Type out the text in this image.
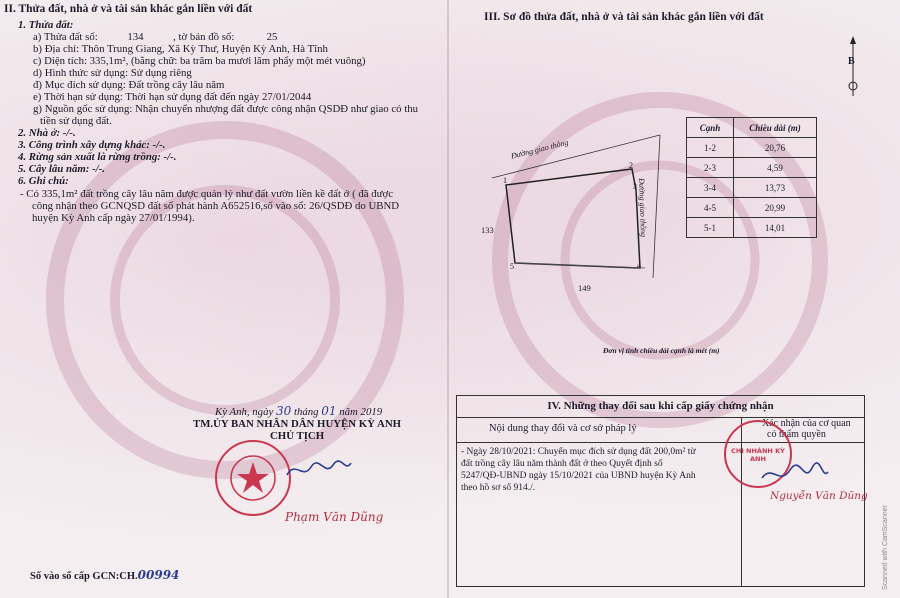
II. Thửa đất, nhà ở và tài sản khác gắn liền với đất
1. Thửa đất:
a) Thửa đất số:	134	, tờ bản đồ số:	25
b) Địa chỉ: Thôn Trung Giang, Xã Kỳ Thư, Huyện Kỳ Anh, Hà Tĩnh
c) Diện tích: 335,1m², (bằng chữ: ba trăm ba mươi lăm phẩy một mét vuông)
d) Hình thức sử dụng: Sử dụng riêng
đ) Mục đích sử dụng: Đất trồng cây lâu năm
e) Thời hạn sử dụng: Thời hạn sử dụng đất đến ngày 27/01/2044
g) Nguồn gốc sử dụng: Nhận chuyển nhượng đất được công nhận QSDĐ như giao có thu
tiền sử dụng đất.
2. Nhà ở: -/-.
3. Công trình xây dựng khác: -/-.
4. Rừng sản xuất là rừng trồng: -/-.
5. Cây lâu năm: -/-.
6. Ghi chú:
- Có 335,1m² đất trồng cây lâu năm được quản lý như đất vườn liền kề đất ở ( đã được
công nhận theo GCNQSD đất số phát hành A652516,số vào sổ: 26/QSDĐ do UBND
huyện Kỳ Anh cấp ngày 27/01/1994).
Kỳ Anh, ngày 30 tháng 01 năm 2019
TM.ỦY BAN NHÂN DÂN HUYỆN KỲ ANH
CHỦ TỊCH
Phạm Văn Dũng
Số vào sổ cấp GCN:CH.00994
III. Sơ đồ thửa đất, nhà ở và tài sản khác gắn liền với đất
B
Cạnh	Chiều dài (m)
1-2	20,76
2-3	4,59
3-4	13,73
4-5	20,99
5-1	14,01
Đường giao thông
Đường giao thông
1
2
3
4
5
133
149
Đơn vị tính chiều dài cạnh là mét (m)
IV. Những thay đổi sau khi cấp giấy chứng nhận
Nội dung thay đổi và cơ sở pháp lý	Xác nhận của cơ quan
có thẩm quyền
- Ngày 28/10/2021: Chuyển mục đích sử dụng đất 200,0m² từ
đất trồng cây lâu năm thành đất ở theo Quyết định số
5247/QĐ-UBND ngày 15/10/2021 của UBND huyện Kỳ Anh
theo hồ sơ số 914./.
CHI NHÁNH KỲ ANH
Nguyễn Văn Dũng
Scanned with CamScanner
